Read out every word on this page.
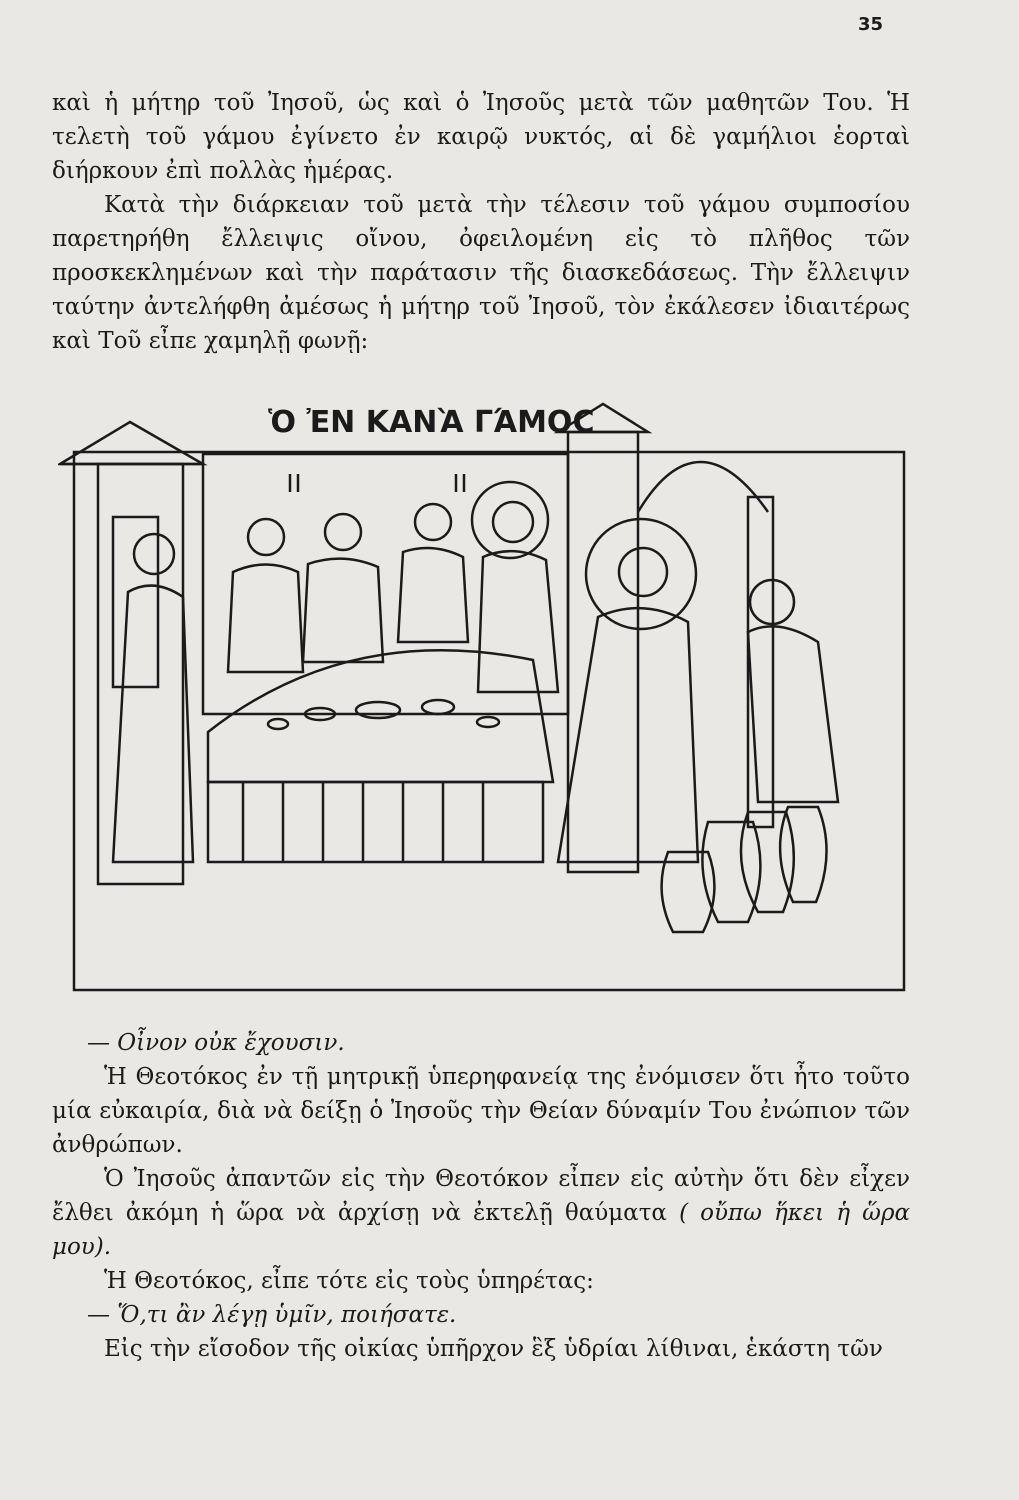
35

καὶ ἡ μήτηρ τοῦ Ἰησοῦ, ὡς καὶ ὁ Ἰησοῦς μετὰ τῶν μαθητῶν Του. Ἡ τελετὴ τοῦ γάμου ἐγίνετο ἐν καιρῷ νυκτός, αἱ δὲ γαμήλιοι ἑορταὶ διήρκουν ἐπὶ πολλὰς ἡμέρας.

Κατὰ τὴν διάρκειαν τοῦ μετὰ τὴν τέλεσιν τοῦ γάμου συμποσίου παρετηρήθη ἔλλειψις οἴνου, ὀφειλομένη εἰς τὸ πλῆθος τῶν προσκεκλημένων καὶ τὴν παράτασιν τῆς διασκεδάσεως. Τὴν ἔλλειψιν ταύτην ἀντελήφθη ἀμέσως ἡ μήτηρ τοῦ Ἰησοῦ, τὸν ἐκάλεσεν ἰδιαιτέρως καὶ Τοῦ εἶπε χαμηλῇ φωνῇ:

Ὁ ἘΝ ΚΑΝᾺ ΓΆΜΟϹ

— Οἶνον οὐκ ἔχουσιν.

Ἡ Θεοτόκος ἐν τῇ μητρικῇ ὑπερηφανείᾳ της ἐνόμισεν ὅτι ἦτο τοῦτο μία εὐκαιρία, διὰ νὰ δείξῃ ὁ Ἰησοῦς τὴν Θείαν δύναμίν Του ἐνώπιον τῶν ἀνθρώπων.

Ὁ Ἰησοῦς ἀπαντῶν εἰς τὴν Θεοτόκον εἶπεν εἰς αὐτὴν ὅτι δὲν εἶχεν ἔλθει ἀκόμη ἡ ὥρα νὰ ἀρχίσῃ νὰ ἐκτελῇ θαύματα ( οὔπω ἥκει ἡ ὥρα μου).

Ἡ Θεοτόκος, εἶπε τότε εἰς τοὺς ὑπηρέτας:

— Ὅ,τι ἂν λέγῃ ὑμῖν, ποιήσατε.

Εἰς τὴν εἴσοδον τῆς οἰκίας ὑπῆρχον ἓξ ὑδρίαι λίθιναι, ἑκάστη τῶν
